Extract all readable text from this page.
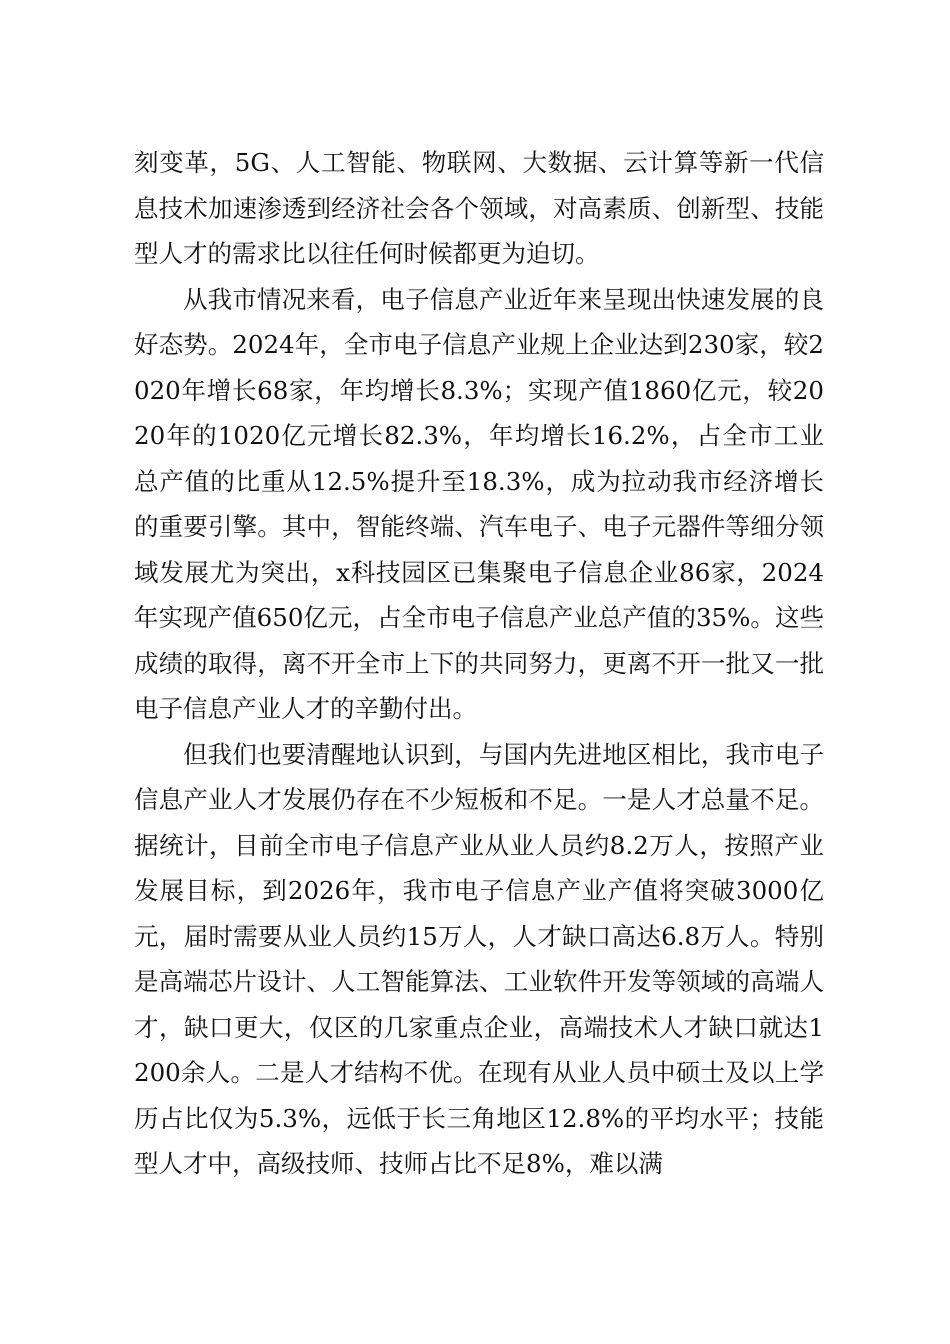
刻变革，5G、人工智能、物联网、大数据、云计算等新一代信息技术加速渗透到经济社会各个领域，对高素质、创新型、技能型人才的需求比以往任何时候都更为迫切。

从我市情况来看，电子信息产业近年来呈现出快速发展的良好态势。2024年，全市电子信息产业规上企业达到230家，较2020年增长68家，年均增长8.3%；实现产值1860亿元，较2020年的1020亿元增长82.3%，年均增长16.2%，占全市工业总产值的比重从12.5%提升至18.3%，成为拉动我市经济增长的重要引擎。其中，智能终端、汽车电子、电子元器件等细分领域发展尤为突出，x科技园区已集聚电子信息企业86家，2024年实现产值650亿元，占全市电子信息产业总产值的35%。这些成绩的取得，离不开全市上下的共同努力，更离不开一批又一批电子信息产业人才的辛勤付出。

但我们也要清醒地认识到，与国内先进地区相比，我市电子信息产业人才发展仍存在不少短板和不足。一是人才总量不足。据统计，目前全市电子信息产业从业人员约8.2万人，按照产业发展目标，到2026年，我市电子信息产业产值将突破3000亿元，届时需要从业人员约15万人，人才缺口高达6.8万人。特别是高端芯片设计、人工智能算法、工业软件开发等领域的高端人才，缺口更大，仅区的几家重点企业，高端技术人才缺口就达1200余人。二是人才结构不优。在现有从业人员中硕士及以上学历占比仅为5.3%，远低于长三角地区12.8%的平均水平；技能型人才中，高级技师、技师占比不足8%，难以满
